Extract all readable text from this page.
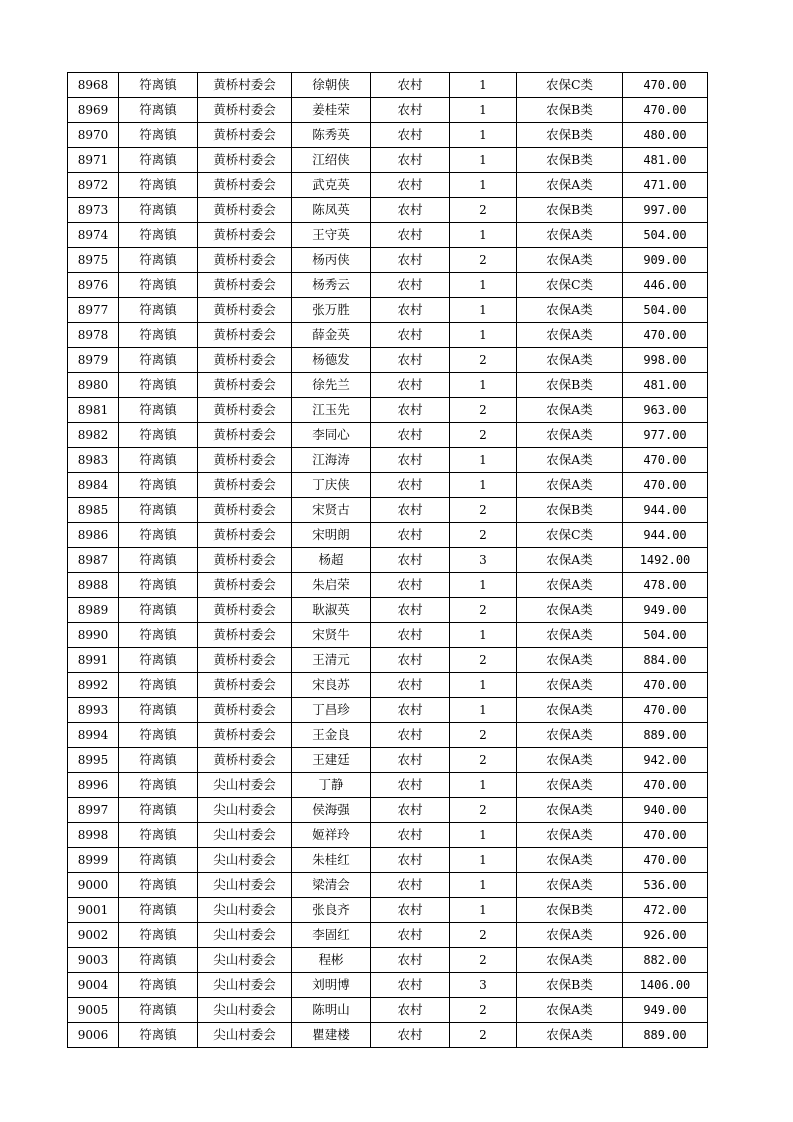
8968	符离镇	黄桥村委会	徐朝侠	农村	1	农保C类	470.00
8969	符离镇	黄桥村委会	姜桂荣	农村	1	农保B类	470.00
8970	符离镇	黄桥村委会	陈秀英	农村	1	农保B类	480.00
8971	符离镇	黄桥村委会	江绍侠	农村	1	农保B类	481.00
8972	符离镇	黄桥村委会	武克英	农村	1	农保A类	471.00
8973	符离镇	黄桥村委会	陈凤英	农村	2	农保B类	997.00
8974	符离镇	黄桥村委会	王守英	农村	1	农保A类	504.00
8975	符离镇	黄桥村委会	杨丙侠	农村	2	农保A类	909.00
8976	符离镇	黄桥村委会	杨秀云	农村	1	农保C类	446.00
8977	符离镇	黄桥村委会	张万胜	农村	1	农保A类	504.00
8978	符离镇	黄桥村委会	薛金英	农村	1	农保A类	470.00
8979	符离镇	黄桥村委会	杨德发	农村	2	农保A类	998.00
8980	符离镇	黄桥村委会	徐先兰	农村	1	农保B类	481.00
8981	符离镇	黄桥村委会	江玉先	农村	2	农保A类	963.00
8982	符离镇	黄桥村委会	李同心	农村	2	农保A类	977.00
8983	符离镇	黄桥村委会	江海涛	农村	1	农保A类	470.00
8984	符离镇	黄桥村委会	丁庆侠	农村	1	农保A类	470.00
8985	符离镇	黄桥村委会	宋贤古	农村	2	农保B类	944.00
8986	符离镇	黄桥村委会	宋明朗	农村	2	农保C类	944.00
8987	符离镇	黄桥村委会	杨超	农村	3	农保A类	1492.00
8988	符离镇	黄桥村委会	朱启荣	农村	1	农保A类	478.00
8989	符离镇	黄桥村委会	耿淑英	农村	2	农保A类	949.00
8990	符离镇	黄桥村委会	宋贤牛	农村	1	农保A类	504.00
8991	符离镇	黄桥村委会	王清元	农村	2	农保A类	884.00
8992	符离镇	黄桥村委会	宋良苏	农村	1	农保A类	470.00
8993	符离镇	黄桥村委会	丁昌珍	农村	1	农保A类	470.00
8994	符离镇	黄桥村委会	王金良	农村	2	农保A类	889.00
8995	符离镇	黄桥村委会	王建廷	农村	2	农保A类	942.00
8996	符离镇	尖山村委会	丁静	农村	1	农保A类	470.00
8997	符离镇	尖山村委会	侯海强	农村	2	农保A类	940.00
8998	符离镇	尖山村委会	姬祥玲	农村	1	农保A类	470.00
8999	符离镇	尖山村委会	朱桂红	农村	1	农保A类	470.00
9000	符离镇	尖山村委会	梁清会	农村	1	农保A类	536.00
9001	符离镇	尖山村委会	张良齐	农村	1	农保B类	472.00
9002	符离镇	尖山村委会	李固红	农村	2	农保A类	926.00
9003	符离镇	尖山村委会	程彬	农村	2	农保A类	882.00
9004	符离镇	尖山村委会	刘明博	农村	3	农保B类	1406.00
9005	符离镇	尖山村委会	陈明山	农村	2	农保A类	949.00
9006	符离镇	尖山村委会	瞿建楼	农村	2	农保A类	889.00
